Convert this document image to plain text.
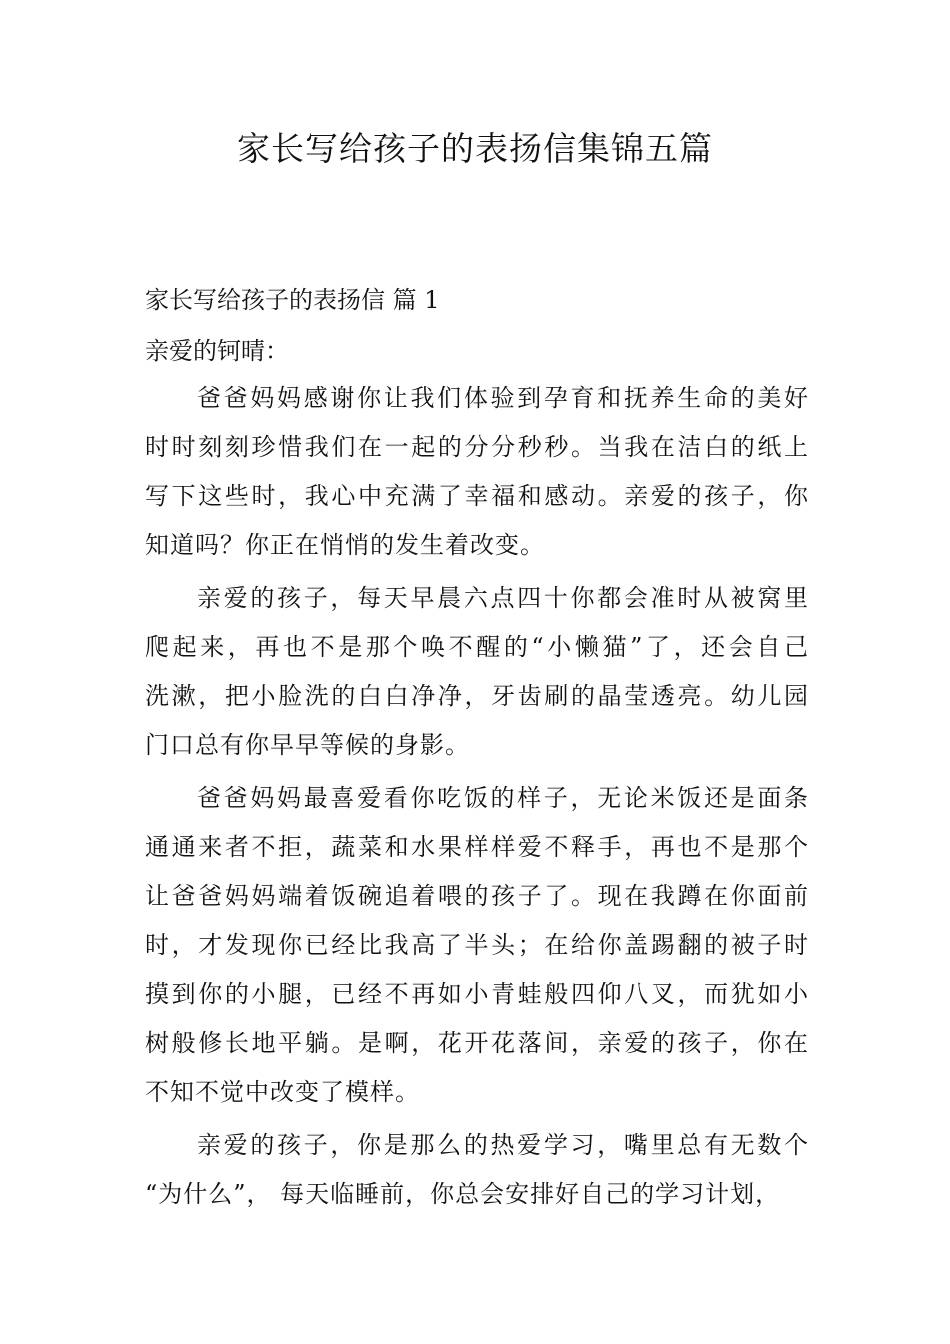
家长写给孩子的表扬信集锦五篇
家长写给孩子的表扬信 篇 1
亲爱的钶晴：
爸爸妈妈感谢你让我们体验到孕育和抚养生命的美好
时时刻刻珍惜我们在一起的分分秒秒。当我在洁白的纸上
写下这些时，我心中充满了幸福和感动。亲爱的孩子，你
知道吗？你正在悄悄的发生着改变。
亲爱的孩子，每天早晨六点四十你都会准时从被窝里
爬起来，再也不是那个唤不醒的“小懒猫”了，还会自己
洗漱，把小脸洗的白白净净，牙齿刷的晶莹透亮。幼儿园
门口总有你早早等候的身影。
爸爸妈妈最喜爱看你吃饭的样子，无论米饭还是面条
通通来者不拒，蔬菜和水果样样爱不释手，再也不是那个
让爸爸妈妈端着饭碗追着喂的孩子了。现在我蹲在你面前
时，才发现你已经比我高了半头；在给你盖踢翻的被子时
摸到你的小腿，已经不再如小青蛙般四仰八叉，而犹如小
树般修长地平躺。是啊，花开花落间，亲爱的孩子，你在
不知不觉中改变了模样。
亲爱的孩子，你是那么的热爱学习，嘴里总有无数个
“为什么”， 每天临睡前，你总会安排好自己的学习计划，
